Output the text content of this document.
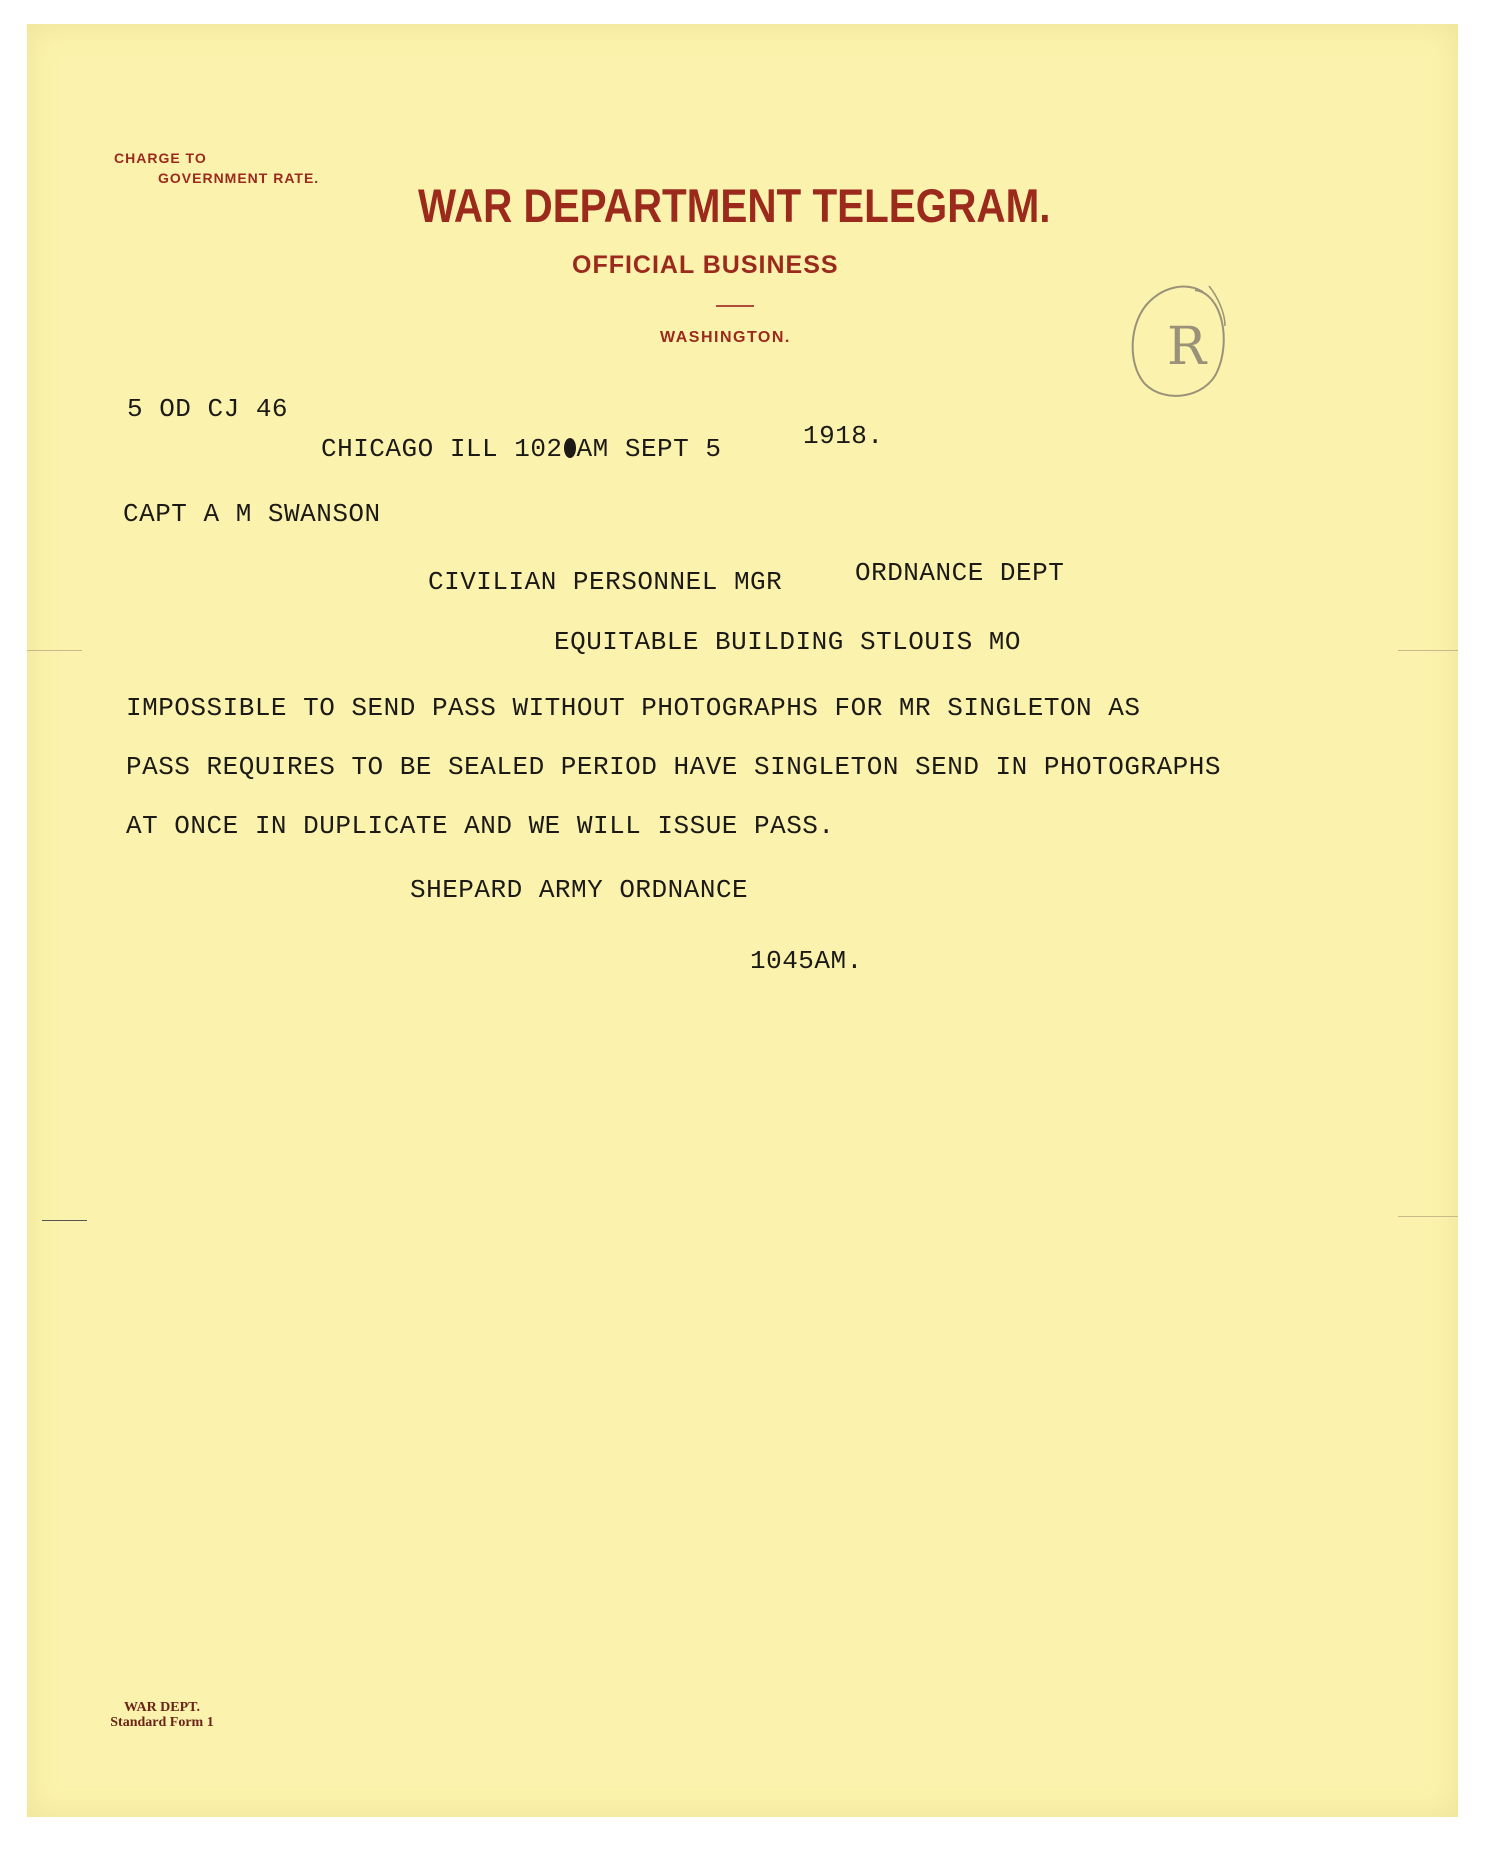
CHARGE TO
GOVERNMENT RATE.
WAR DEPARTMENT TELEGRAM.
OFFICIAL BUSINESS
WASHINGTON.	R
5 OD CJ 46
CHICAGO ILL 102 AM SEPT 5	1918.
CAPT A M SWANSON
CIVILIAN PERSONNEL MGR	ORDNANCE DEPT
EQUITABLE BUILDING STLOUIS MO
IMPOSSIBLE TO SEND PASS WITHOUT PHOTOGRAPHS FOR MR SINGLETON AS
PASS REQUIRES TO BE SEALED PERIOD HAVE SINGLETON SEND IN PHOTOGRAPHS
AT ONCE IN DUPLICATE AND WE WILL ISSUE PASS.
SHEPARD ARMY ORDNANCE
1045AM.
WAR DEPT.
Standard Form 1
